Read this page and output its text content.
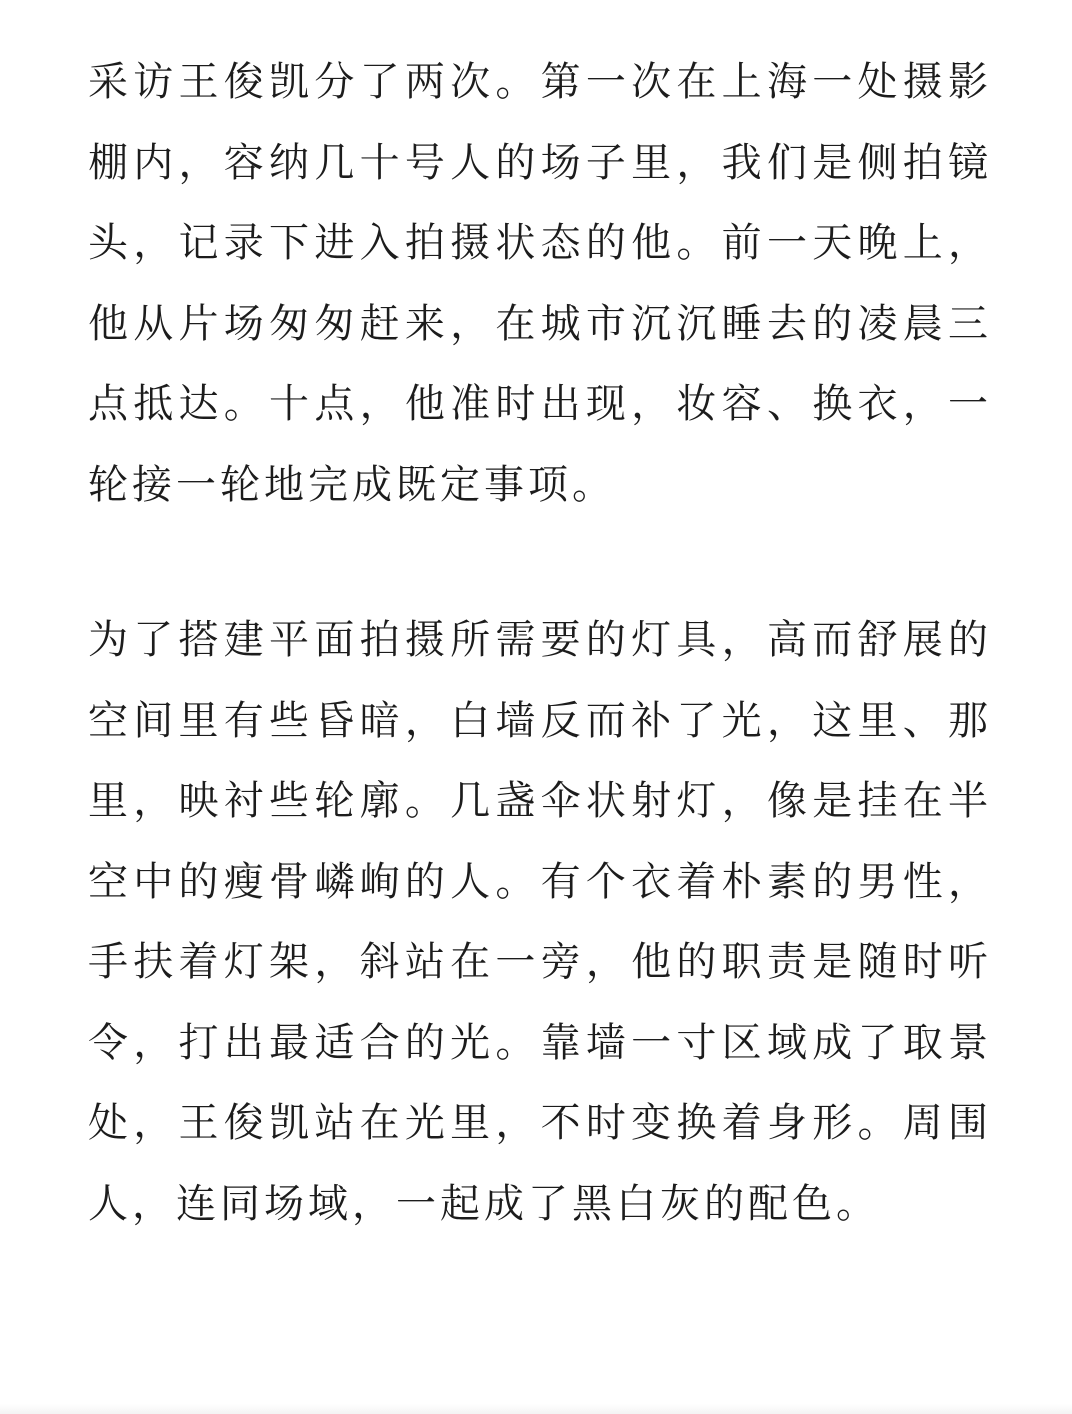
采访王俊凯分了两次。第一次在上海一处摄影棚内，容纳几十号人的场子里，我们是侧拍镜头，记录下进入拍摄状态的他。前一天晚上，他从片场匆匆赶来，在城市沉沉睡去的凌晨三点抵达。十点，他准时出现，妆容、换衣，一轮接一轮地完成既定事项。

为了搭建平面拍摄所需要的灯具，高而舒展的空间里有些昏暗，白墙反而补了光，这里、那里，映衬些轮廓。几盏伞状射灯，像是挂在半空中的瘦骨嶙峋的人。有个衣着朴素的男性，手扶着灯架，斜站在一旁，他的职责是随时听令，打出最适合的光。靠墙一寸区域成了取景处，王俊凯站在光里，不时变换着身形。周围人，连同场域，一起成了黑白灰的配色。
